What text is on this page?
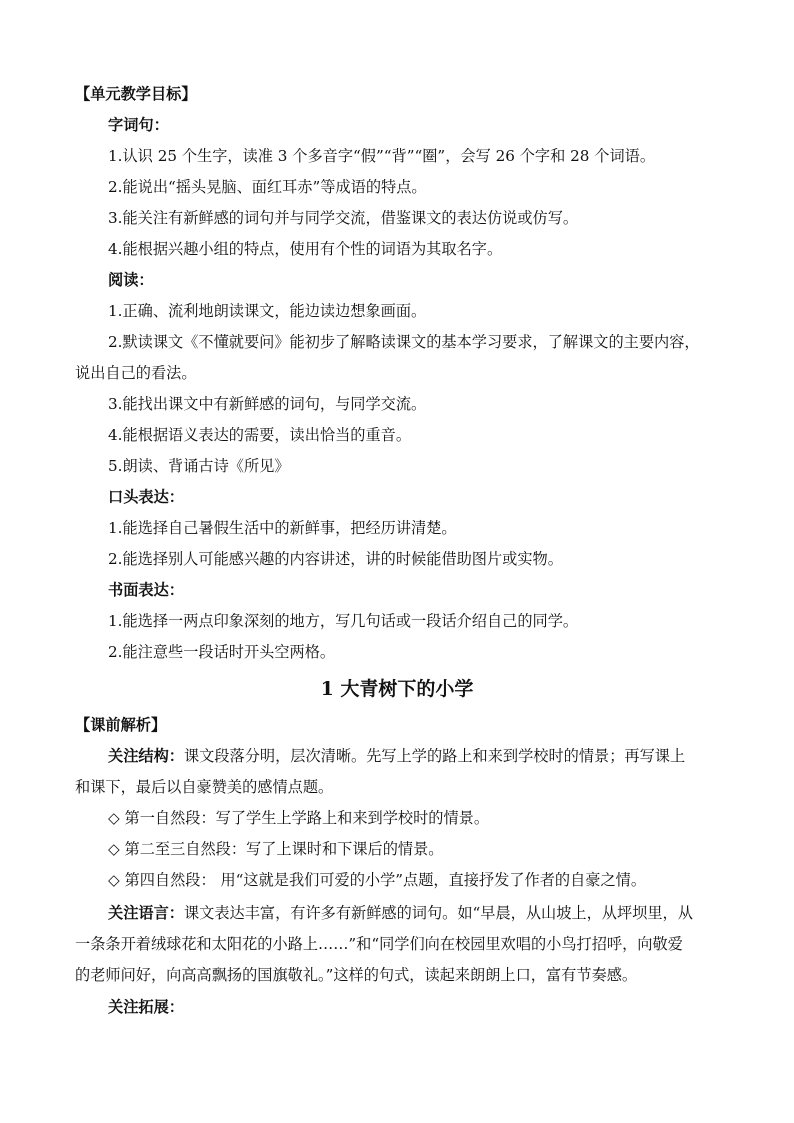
【单元教学目标】
字词句：
1.认识 25 个生字，读准 3 个多音字“假”“背”“圈”，会写 26 个字和 28 个词语。
2.能说出“摇头晃脑、面红耳赤”等成语的特点。
3.能关注有新鲜感的词句并与同学交流，借鉴课文的表达仿说或仿写。
4.能根据兴趣小组的特点，使用有个性的词语为其取名字。
阅读：
1.正确、流利地朗读课文，能边读边想象画面。
2.默读课文《不懂就要问》能初步了解略读课文的基本学习要求，了解课文的主要内容，
说出自己的看法。
3.能找出课文中有新鲜感的词句，与同学交流。
4.能根据语义表达的需要，读出恰当的重音。
5.朗读、背诵古诗《所见》
口头表达：
1.能选择自己暑假生活中的新鲜事，把经历讲清楚。
2.能选择别人可能感兴趣的内容讲述，讲的时候能借助图片或实物。
书面表达：
1.能选择一两点印象深刻的地方，写几句话或一段话介绍自己的同学。
2.能注意些一段话时开头空两格。
1 大青树下的小学
【课前解析】
关注结构：课文段落分明，层次清晰。先写上学的路上和来到学校时的情景；再写课上
和课下，最后以自豪赞美的感情点题。
◇ 第一自然段：写了学生上学路上和来到学校时的情景。
◇ 第二至三自然段：写了上课时和下课后的情景。
◇ 第四自然段： 用“这就是我们可爱的小学”点题，直接抒发了作者的自豪之情。
关注语言：课文表达丰富，有许多有新鲜感的词句。如“早晨，从山坡上，从坪坝里，从
一条条开着绒球花和太阳花的小路上……”和“同学们向在校园里欢唱的小鸟打招呼，向敬爱
的老师问好，向高高飘扬的国旗敬礼。”这样的句式，读起来朗朗上口，富有节奏感。
关注拓展：
